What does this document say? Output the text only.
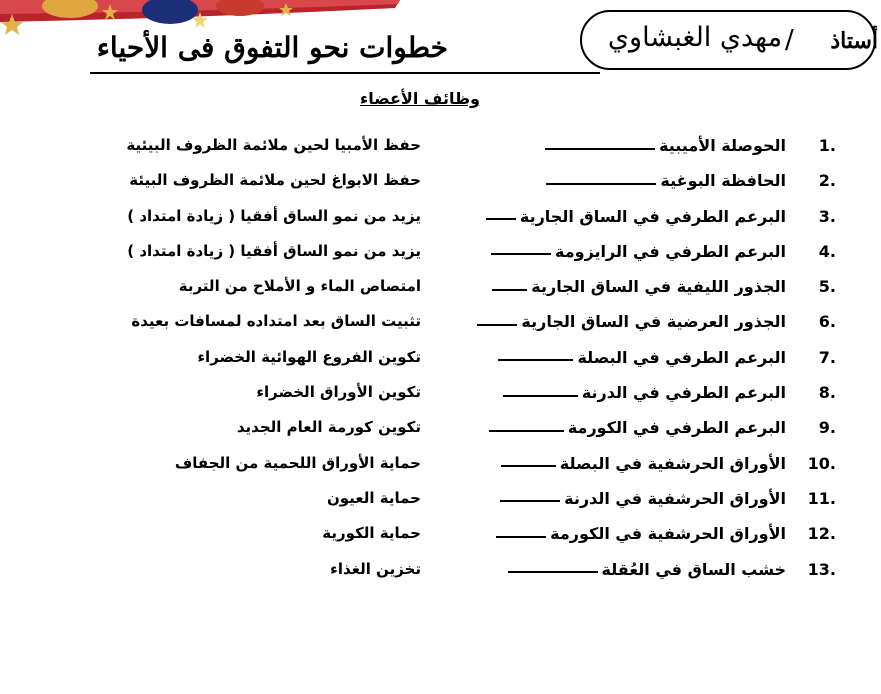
خطوات نحو التفوق فى الأحياء	أستاذ
/
مهدي الغبشاوي
وظائف الأعضاء
1.
الحوصلة الأميبية
حفظ الأمبيا لحين ملائمة الظروف البيئية
2.
الحافظة البوغية
حفظ الابواغ لحين ملائمة الظروف البيئة
3.
البرعم الطرفي في الساق الجارية
يزيد من نمو الساق أفقيا ( زيادة امتداد )
4.
البرعم الطرفي في الرايزومة
يزيد من نمو الساق أفقيا ( زيادة امتداد )
5.
الجذور الليفية في الساق الجارية
امتصاص الماء و الأملاح من التربة
6.
الجذور العرضية في الساق الجارية
تثبيت الساق بعد امتداده لمسافات بعيدة
7.
البرعم الطرفي في البصلة
تكوين الفروع الهوائية الخضراء
8.
البرعم الطرفي في الدرنة
تكوين الأوراق الخضراء
9.
البرعم الطرفي في الكورمة
تكوين كورمة العام الجديد
10.
الأوراق الحرشفية في البصلة
حماية الأوراق اللحمية من الجفاف
11.
الأوراق الحرشفية في الدرنة
حماية العيون
12.
الأوراق الحرشفية في الكورمة
حماية الكورية
13.
خشب الساق في العُقلة
تخزين الغذاء
